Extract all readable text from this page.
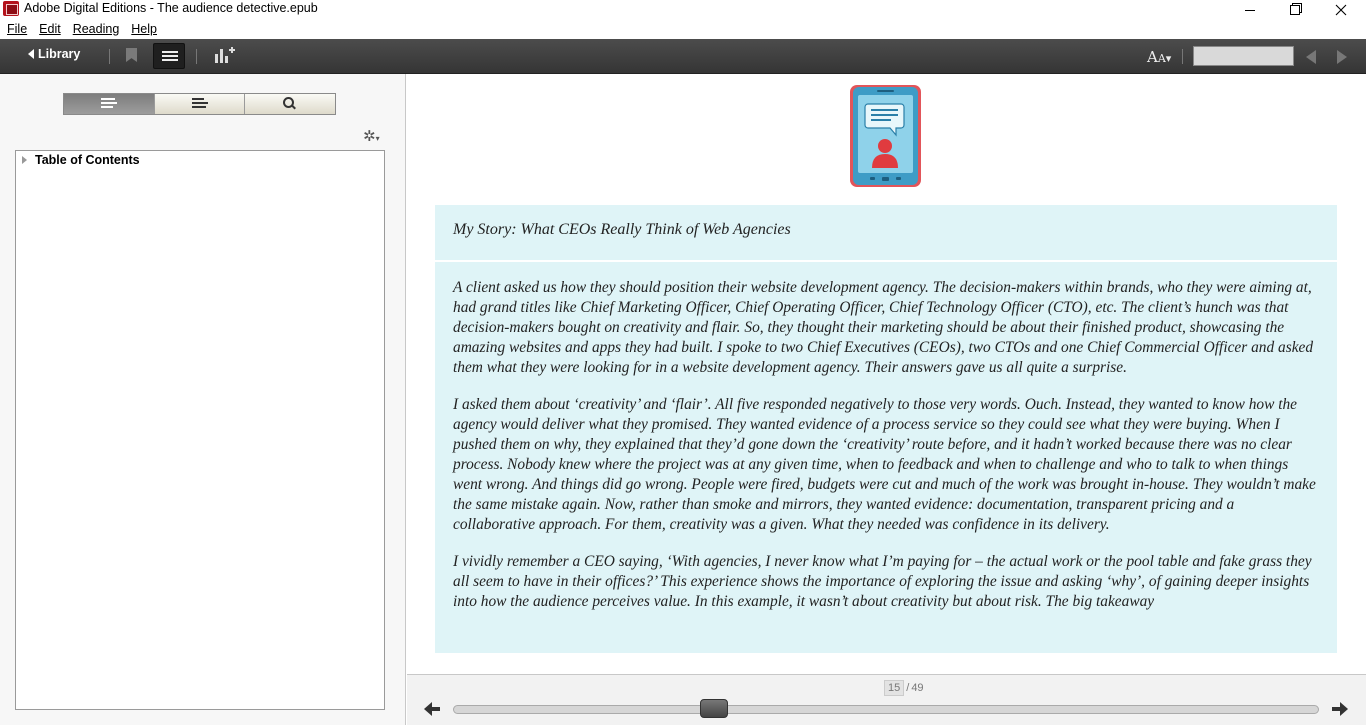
Adobe Digital Editions - The audience detective.epub
File Edit Reading Help
Library	AA▾
✲▾
Table of Contents
My Story: What CEOs Really Think of Web Agencies

A client asked us how they should position their website development agency. The decision-makers within brands, who they were aiming at, had grand titles like Chief Marketing Officer, Chief Operating Officer, Chief Technology Officer (CTO), etc. The client’s hunch was that decision-makers bought on creativity and flair. So, they thought their marketing should be about their finished product, showcasing the amazing websites and apps they had built. I spoke to two Chief Executives (CEOs), two CTOs and one Chief Commercial Officer and asked them what they were looking for in a website development agency. Their answers gave us all quite a surprise.

I asked them about ‘creativity’ and ‘flair’. All five responded negatively to those very words. Ouch. Instead, they wanted to know how the agency would deliver what they promised. They wanted evidence of a process service so they could see what they were buying. When I pushed them on why, they explained that they’d gone down the ‘creativity’ route before, and it hadn’t worked because there was no clear process. Nobody knew where the project was at any given time, when to feedback and when to challenge and who to talk to when things went wrong. And things did go wrong. People were fired, budgets were cut and much of the work was brought in-house. They wouldn’t make the same mistake again. Now, rather than smoke and mirrors, they wanted evidence: documentation, transparent pricing and a collaborative approach. For them, creativity was a given. What they needed was confidence in its delivery.

I vividly remember a CEO saying, ‘With agencies, I never know what I’m paying for – the actual work or the pool table and fake grass they all seem to have in their offices?’ This experience shows the importance of exploring the issue and asking ‘why’, of gaining deeper insights into how the audience perceives value. In this example, it wasn’t about creativity but about risk. The big takeaway

15 / 49
